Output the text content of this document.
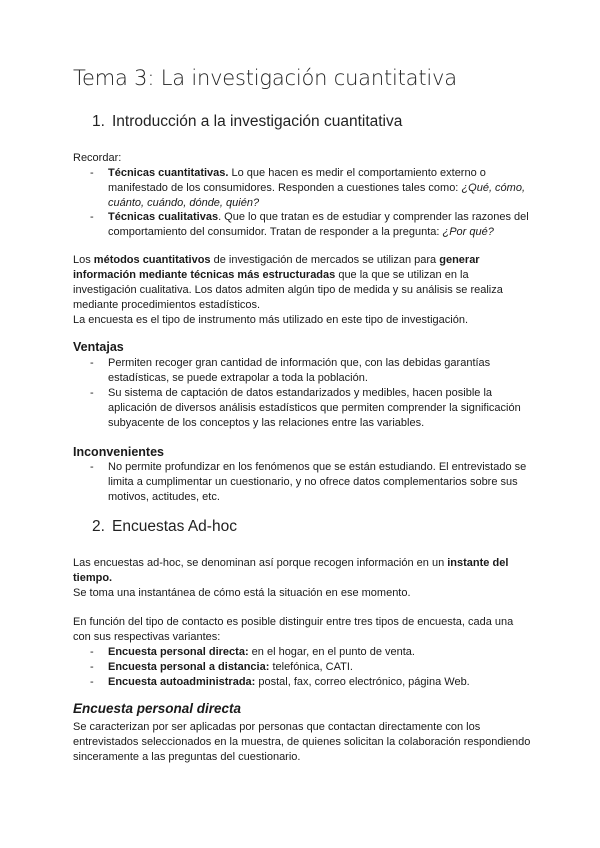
Tema 3: La investigación cuantitativa
1. Introducción a la investigación cuantitativa
Recordar:
- Técnicas cuantitativas. Lo que hacen es medir el comportamiento externo o manifestado de los consumidores. Responden a cuestiones tales como: ¿Qué, cómo, cuánto, cuándo, dónde, quién?
- Técnicas cualitativas. Que lo que tratan es de estudiar y comprender las razones del comportamiento del consumidor. Tratan de responder a la pregunta: ¿Por qué?
Los métodos cuantitativos de investigación de mercados se utilizan para generar información mediante técnicas más estructuradas que la que se utilizan en la investigación cualitativa. Los datos admiten algún tipo de medida y su análisis se realiza mediante procedimientos estadísticos.
La encuesta es el tipo de instrumento más utilizado en este tipo de investigación.
Ventajas
- Permiten recoger gran cantidad de información que, con las debidas garantías estadísticas, se puede extrapolar a toda la población.
- Su sistema de captación de datos estandarizados y medibles, hacen posible la aplicación de diversos análisis estadísticos que permiten comprender la significación subyacente de los conceptos y las relaciones entre las variables.
Inconvenientes
- No permite profundizar en los fenómenos que se están estudiando. El entrevistado se limita a cumplimentar un cuestionario, y no ofrece datos complementarios sobre sus motivos, actitudes, etc.
2. Encuestas Ad-hoc
Las encuestas ad-hoc, se denominan así porque recogen información en un instante del tiempo.
Se toma una instantánea de cómo está la situación en ese momento.
En función del tipo de contacto es posible distinguir entre tres tipos de encuesta, cada una con sus respectivas variantes:
- Encuesta personal directa: en el hogar, en el punto de venta.
- Encuesta personal a distancia: telefónica, CATI.
- Encuesta autoadministrada: postal, fax, correo electrónico, página Web.
Encuesta personal directa
Se caracterizan por ser aplicadas por personas que contactan directamente con los entrevistados seleccionados en la muestra, de quienes solicitan la colaboración respondiendo sinceramente a las preguntas del cuestionario.
